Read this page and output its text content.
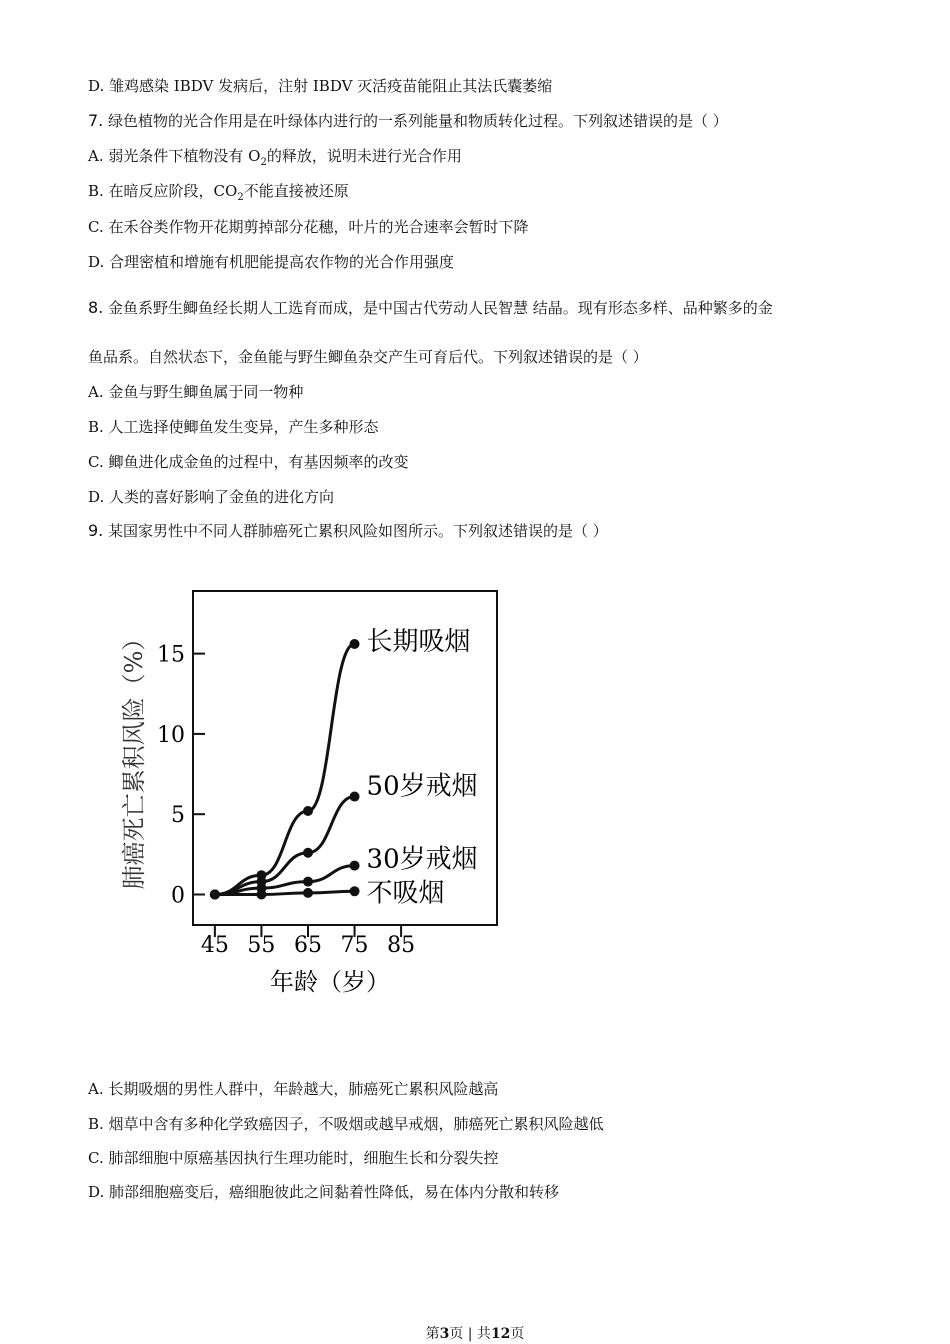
D. 雏鸡感染 IBDV 发病后，注射 IBDV 灭活疫苗能阻止其法氏囊萎缩
7. 绿色植物的光合作用是在叶绿体内进行的一系列能量和物质转化过程。下列叙述错误的是（ ）
A. 弱光条件下植物没有 $O_2$的释放，说明未进行光合作用
B. 在暗反应阶段，$CO_2$不能直接被还原
C. 在禾谷类作物开花期剪掉部分花穗，叶片的光合速率会暂时下降
D. 合理密植和增施有机肥能提高农作物的光合作用强度
8. 金鱼系野生鲫鱼经长期人工选育而成，是中国古代劳动人民智慧 结晶。现有形态多样、品种繁多的金
鱼品系。自然状态下，金鱼能与野生鲫鱼杂交产生可育后代。下列叙述错误的是（ ）
A. 金鱼与野生鲫鱼属于同一物种
B. 人工选择使鲫鱼发生变异，产生多种形态
C. 鲫鱼进化成金鱼的过程中，有基因频率的改变
D. 人类的喜好影响了金鱼的进化方向
9. 某国家男性中不同人群肺癌死亡累积风险如图所示。下列叙述错误的是（ ）
0
5
10
15
45 55 65 75 85
长期吸烟
50岁戒烟
30岁戒烟
不吸烟
年龄（岁）
肺癌死亡累积风险（%）
A. 长期吸烟的男性人群中，年龄越大，肺癌死亡累积风险越高
B. 烟草中含有多种化学致癌因子，不吸烟或越早戒烟，肺癌死亡累积风险越低
C. 肺部细胞中原癌基因执行生理功能时，细胞生长和分裂失控
D. 肺部细胞癌变后，癌细胞彼此之间黏着性降低，易在体内分散和转移
第3页 | 共12页
